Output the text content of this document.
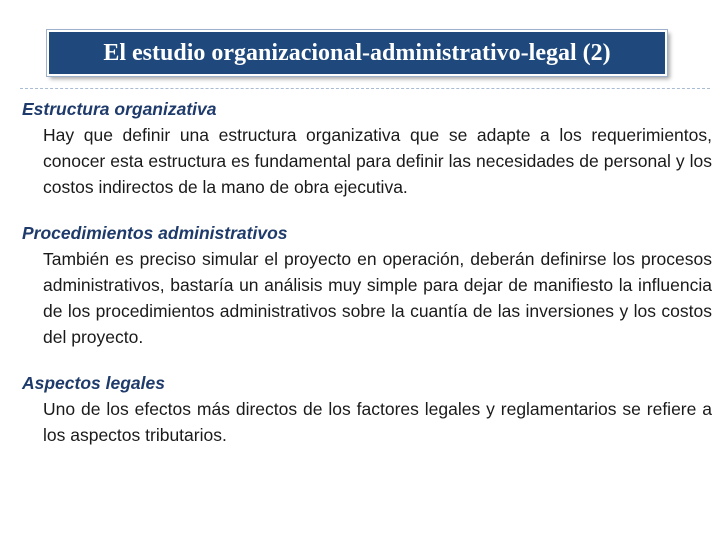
El estudio organizacional-administrativo-legal (2)

Estructura organizativa

Hay que definir una estructura organizativa que se adapte a los requerimientos, conocer esta estructura es fundamental para definir las necesidades de personal y los costos indirectos de la mano de obra ejecutiva.

Procedimientos administrativos

También es preciso simular el proyecto en operación, deberán definirse los procesos administrativos, bastaría un análisis muy simple para dejar de manifiesto la influencia de los procedimientos administrativos sobre la cuantía de las inversiones y los costos del proyecto.

Aspectos legales

Uno de los efectos más directos de los factores legales y reglamentarios se refiere a los aspectos tributarios.
